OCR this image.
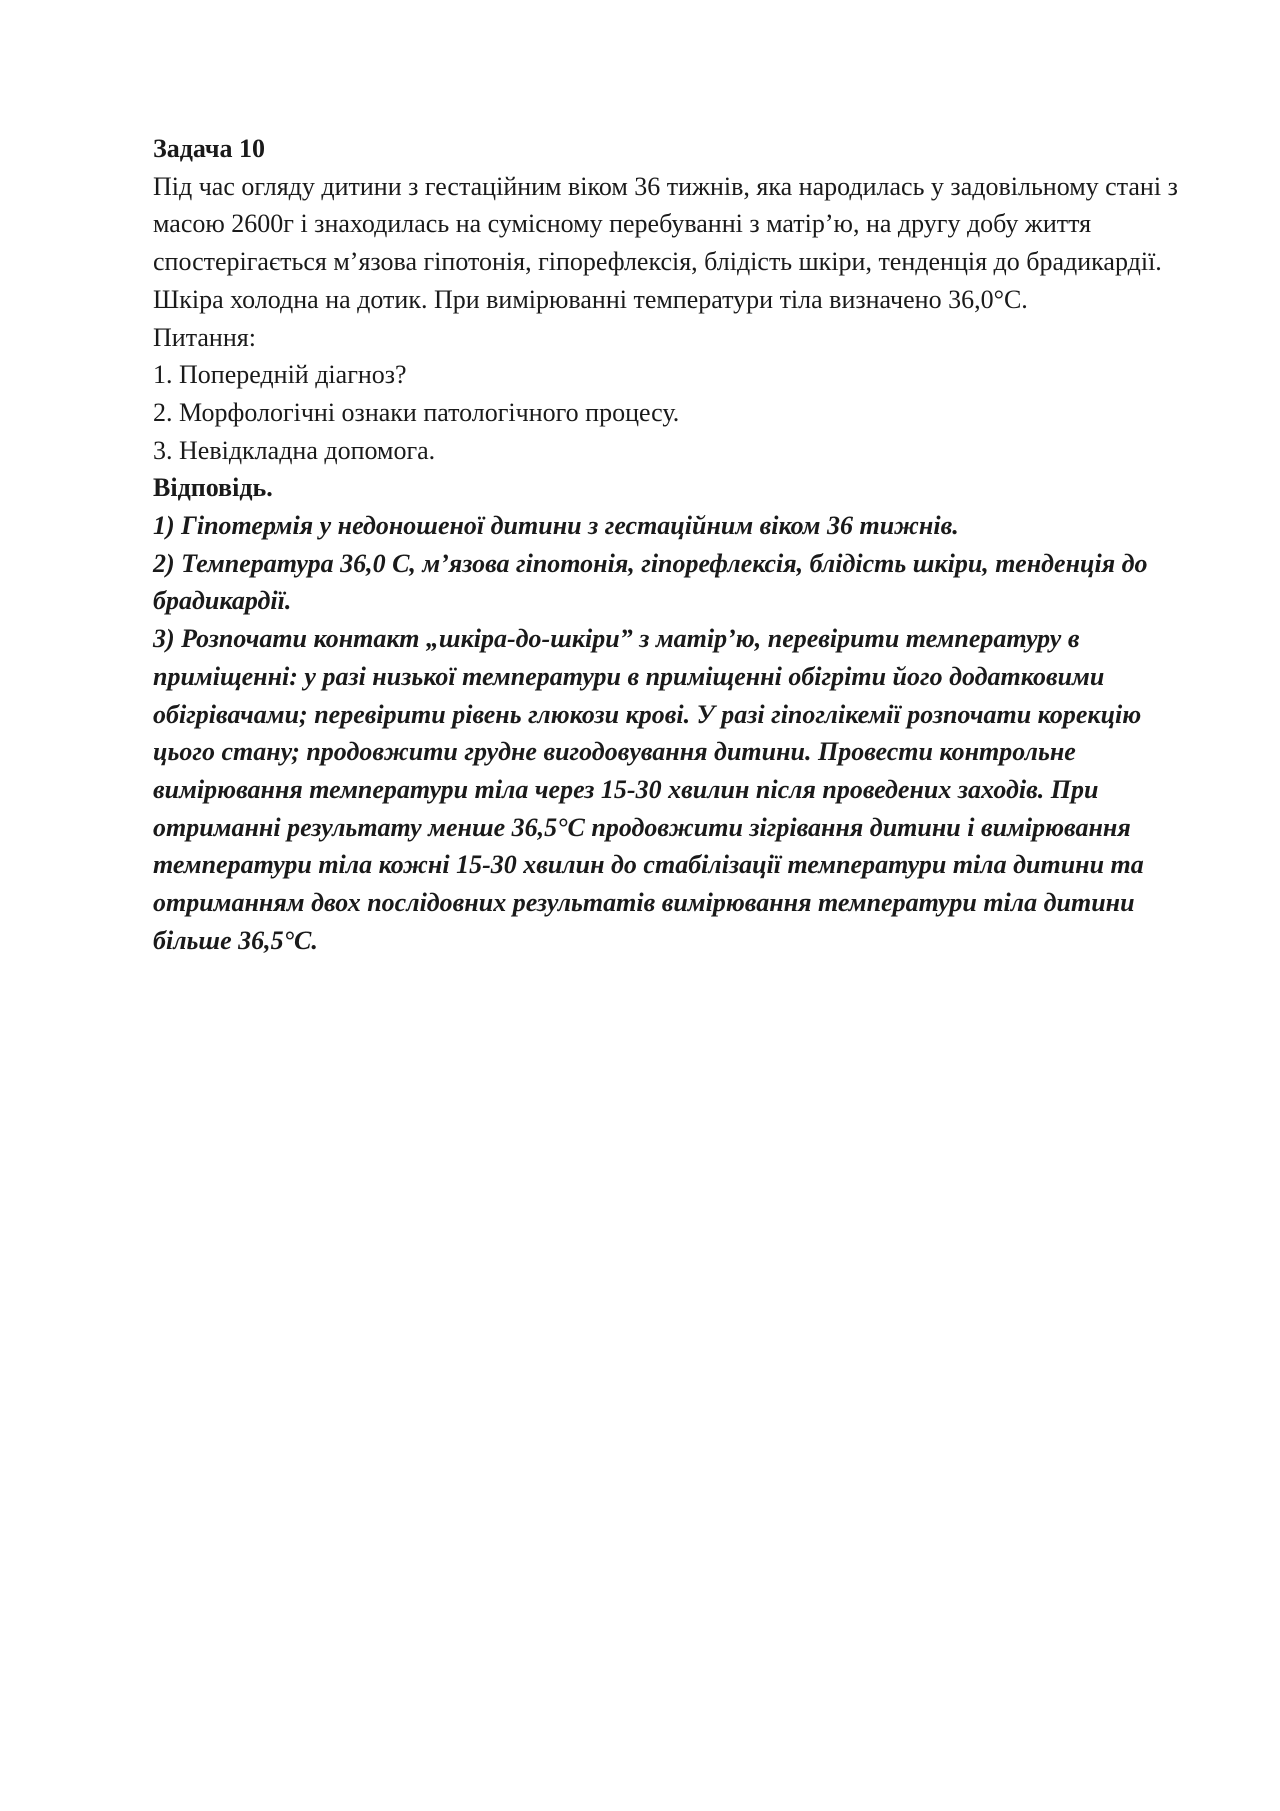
Задача 10

Під час огляду дитини з гестаційним віком 36 тижнів, яка народилась у задовільному стані з масою 2600г і знаходилась на сумісному перебуванні з матір’ю, на другу добу життя спостерігається м’язова гіпотонія, гіпорефлексія, блідість шкіри, тенденція до брадикардії. Шкіра холодна на дотик. При вимірюванні температури тіла визначено 36,0°С.

Питання:

1. Попередній діагноз?

2. Морфологічні ознаки патологічного процесу.

3. Невідкладна допомога.

Відповідь.

1) Гіпотермія у недоношеної дитини з гестаційним віком 36 тижнів.

2) Температура 36,0 С, м’язова гіпотонія, гіпорефлексія, блідість шкіри, тенденція до брадикардії.

3) Розпочати контакт „шкіра-до-шкіри” з матір’ю, перевірити температуру в приміщенні: у разі низької температури в приміщенні обігріти його додатковими обігрівачами; перевірити рівень глюкози крові. У разі гіпоглікемії розпочати корекцію цього стану; продовжити грудне вигодовування дитини. Провести контрольне вимірювання температури тіла через 15-30 хвилин після проведених заходів. При отриманні результату менше 36,5°С продовжити зігрівання дитини і вимірювання температури тіла кожні 15-30 хвилин до стабілізації температури тіла дитини та отриманням двох послідовних результатів вимірювання температури тіла дитини більше 36,5°С.
